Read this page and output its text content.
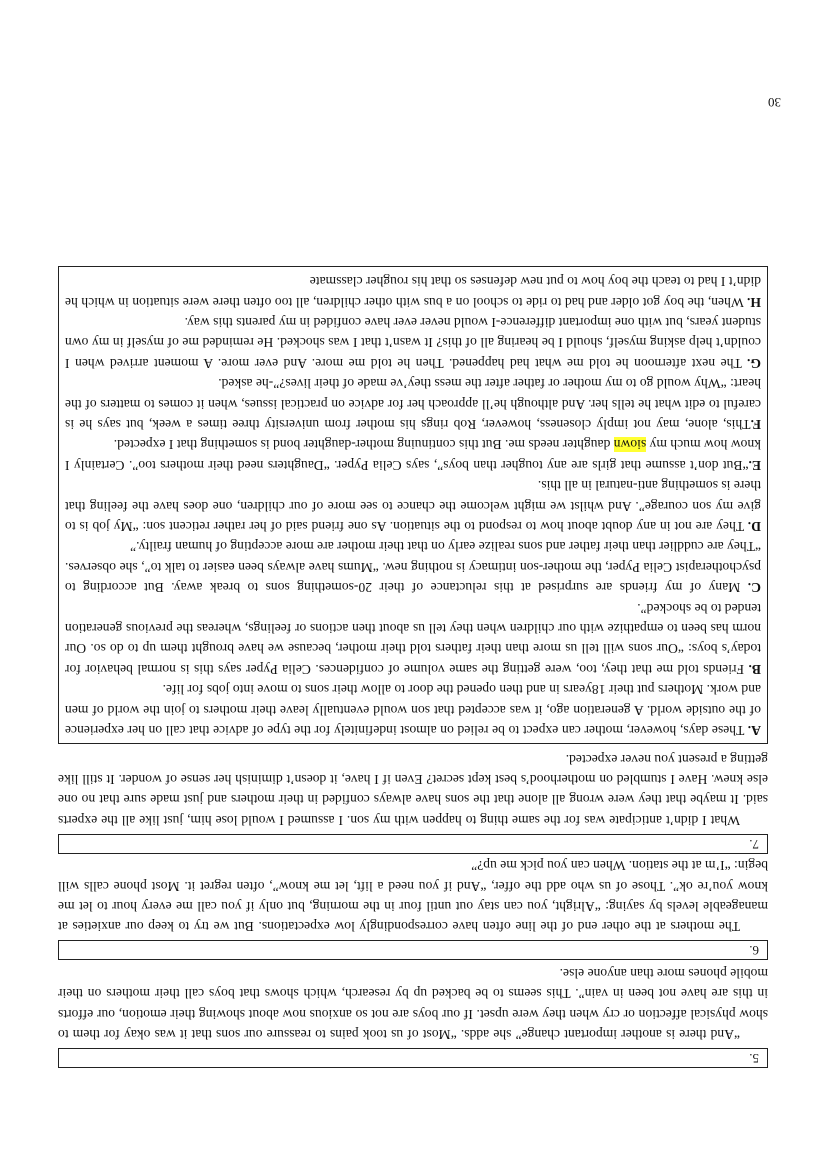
5.

“And there is another important change” she adds. “Most of us took pains to reassure our sons that it was okay for them to show physical affection or cry when they were upset. If our boys are not so anxious now about showing their emotion, our efforts in this are have not been in vain”. This seems to be backed up by research, which shows that boys call their mothers on their mobile phones more than anyone else.

6.

The mothers at the other end of the line often have correspondingly low expectations. But we try to keep our anxieties at manageable levels by saying: “Alright, you can stay out until four in the morning, but only if you call me every hour to let me know you’re ok”. Those of us who add the offer, “And if you need a lift, let me know”, often regret it. Most phone calls will begin: “I’m at the station. When can you pick me up?”

7.

What I didn’t anticipate was for the same thing to happen with my son. I assumed I would lose him, just like all the experts said. It maybe that they were wrong all alone that the sons have always confided in their mothers and just made sure that no one else knew. Have I stumbled on motherhood’s best kept secret? Even if I have, it doesn’t diminish her sense of wonder. It still like getting a present you never expected.

A. These days, however, mother can expect to be relied on almost indefinitely for the type of advice that call on her experience of the outside world. A generation ago, it was accepted that son would eventually leave their mothers to join the world of men and work. Mothers put their 18years in and then opened the door to allow their sons to move into jobs for life.

B. Friends told me that they, too, were getting the same volume of confidences. Celia Pyper says this is normal behavior for today’s boys: “Our sons will tell us more than their fathers told their mother, because we have brought them up to do so. Our norm has been to empathize with our children when they tell us about then actions or feelings, whereas the previous generation tended to be shocked”.

C. Many of my friends are surprised at this reluctance of their 20-something sons to break away. But according to psychotherapist Celia Pyper, the mother-son intimacy is nothing new. “Mums have always been easier to talk to”, she observes. “They are cuddlier than their father and sons realize early on that their mother are more accepting of human frailty.”

D. They are not in any doubt about how to respond to the situation. As one friend said of her rather reticent son: “My job is to give my son courage”. And whilst we might welcome the chance to see more of our children, one does have the feeling that there is something anti-natural in all this.

E.“But don’t assume that girls are any tougher than boys”, says Celia Pyper. “Daughters need their mothers too”. Certainly I know how much my siown daughter needs me. But this continuing mother-daughter bond is something that I expected.

F.This, alone, may not imply closeness, however, Rob rings his mother from university three times a week, but says he is careful to edit what he tells her. And although he’ll approach her for advice on practical issues, when it comes to matters of the heart: “Why would go to my mother or father after the mess they’ve made of their lives?”-he asked.

G. The next afternoon he told me what had happened. Then he told me more. And ever more. A moment arrived when I couldn’t help asking myself, should I be hearing all of this? It wasn’t that I was shocked. He reminded me of myself in my own student years, but with one important difference-I would never ever have confided in my parents this way.

H. When, the boy got older and had to ride to school on a bus with other children, all too often there were situation in which he didn’t I had to teach the boy how to put new defenses so that his rougher classmate

30
